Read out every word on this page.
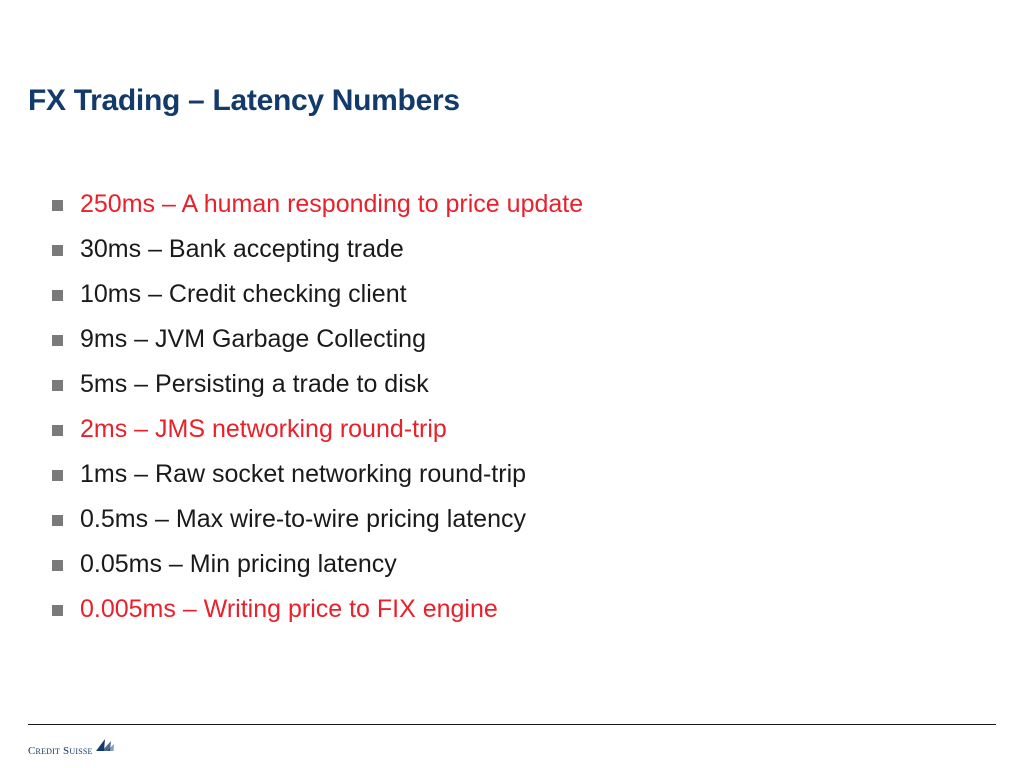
FX Trading – Latency Numbers
250ms – A human responding to price update
30ms – Bank accepting trade
10ms – Credit checking client
9ms – JVM Garbage Collecting
5ms – Persisting a trade to disk
2ms – JMS networking round-trip
1ms – Raw socket networking round-trip
0.5ms – Max wire-to-wire pricing latency
0.05ms – Min pricing latency
0.005ms – Writing price to FIX engine
Credit Suisse
